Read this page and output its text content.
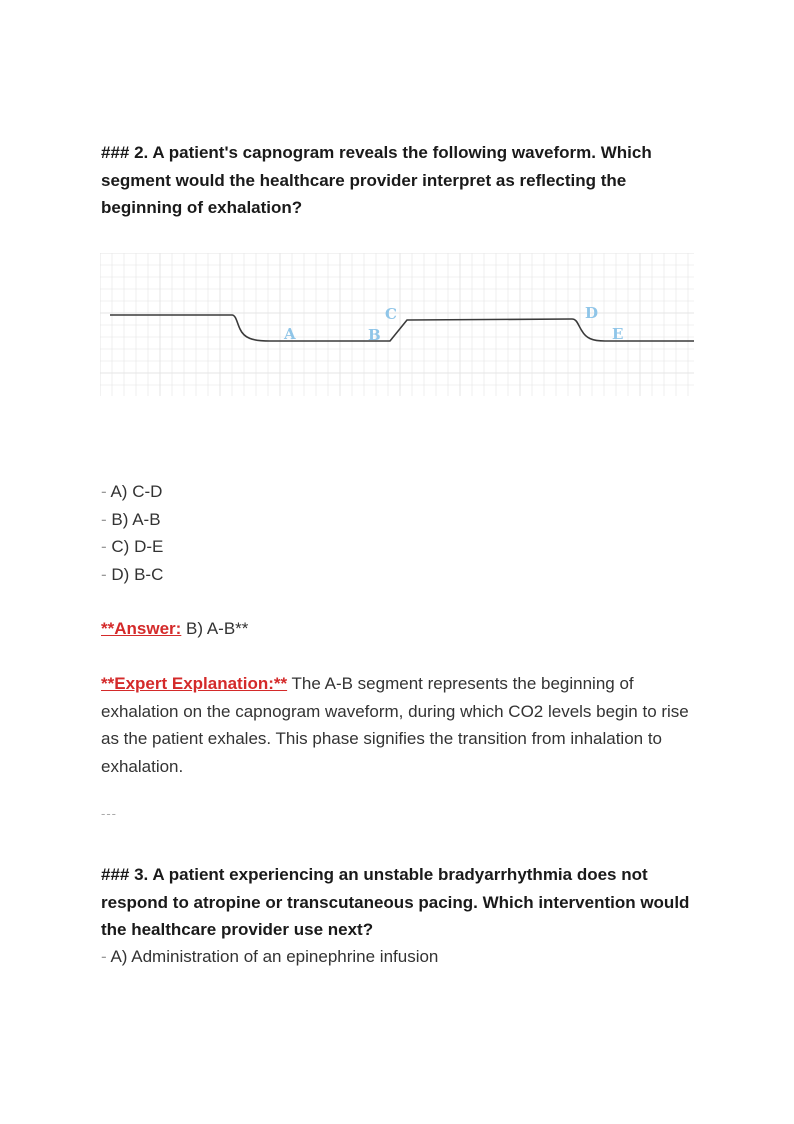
### 2. A patient's capnogram reveals the following waveform. Which segment would the healthcare provider interpret as reflecting the beginning of exhalation?
A	B
C	D
E
- A) C-D
- B) A-B
- C) D-E
- D) B-C
**Answer: B) A-B**
**Expert Explanation:** The A-B segment represents the beginning of exhalation on the capnogram waveform, during which CO2 levels begin to rise as the patient exhales. This phase signifies the transition from inhalation to exhalation.
---
### 3. A patient experiencing an unstable bradyarrhythmia does not respond to atropine or transcutaneous pacing. Which intervention would the healthcare provider use next?
- A) Administration of an epinephrine infusion
